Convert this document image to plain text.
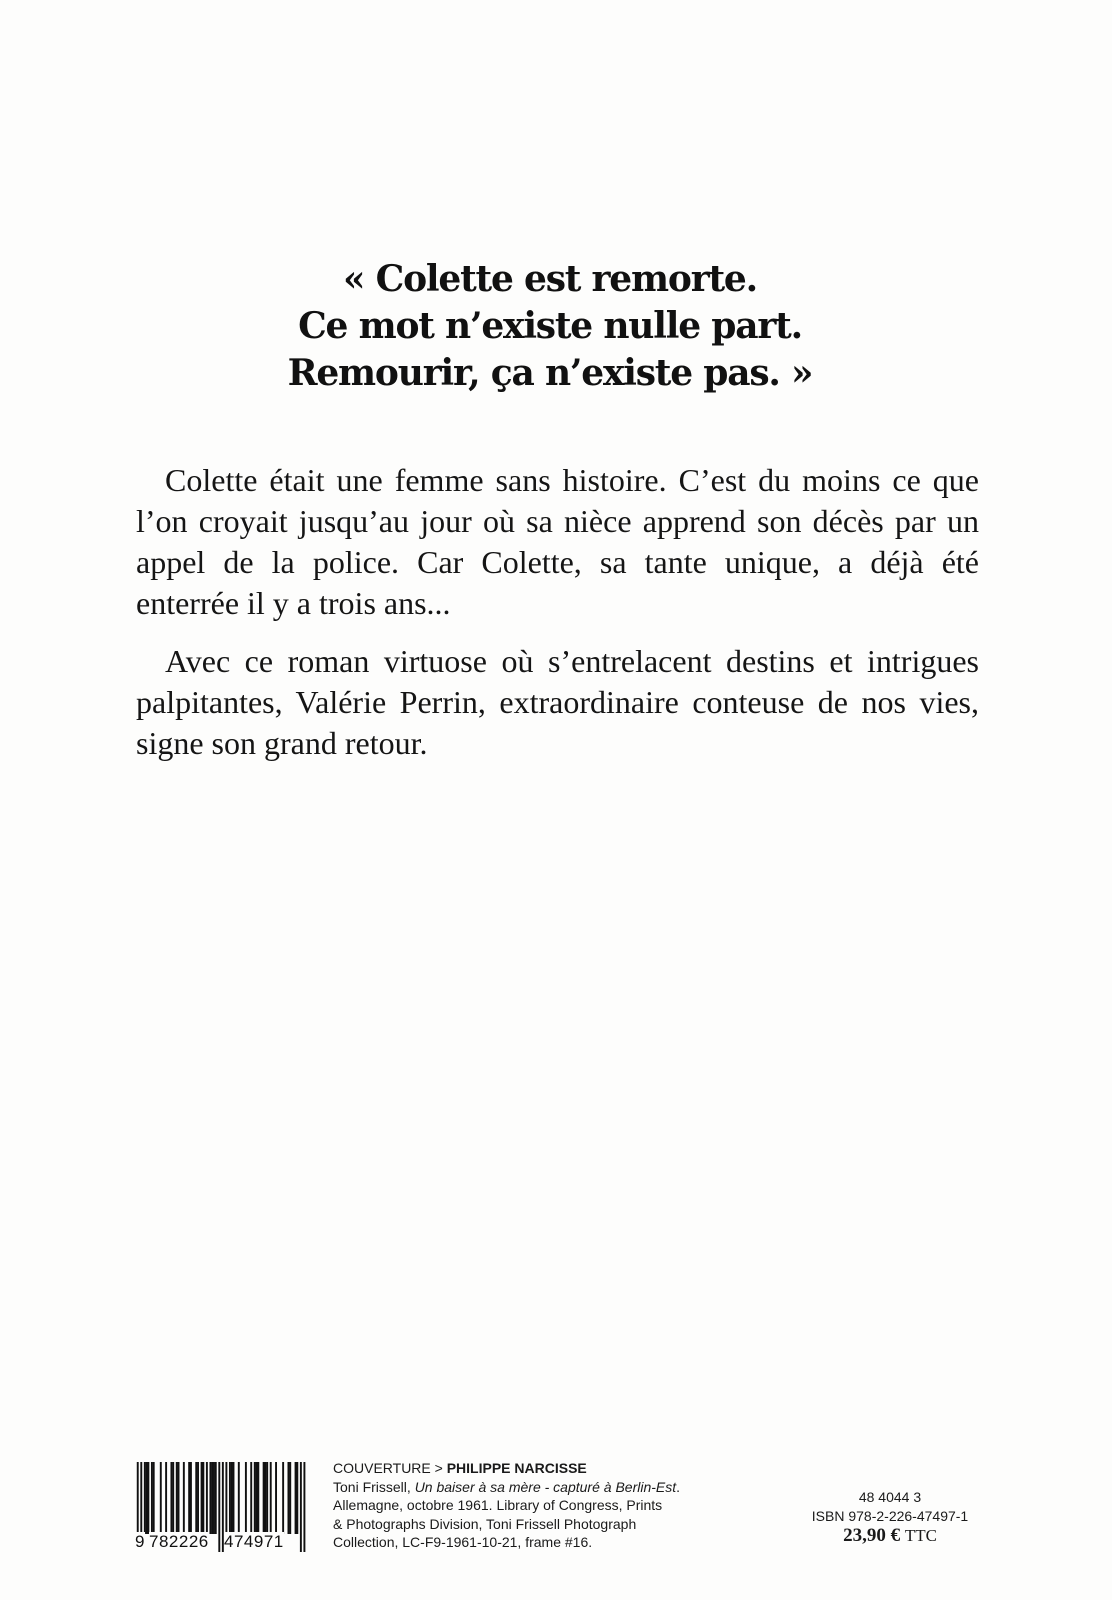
« Colette est remorte.
Ce mot n’existe nulle part.
Remourir, ça n’existe pas. »

Colette était une femme sans histoire. C’est du moins ce que l’on croyait jusqu’au jour où sa nièce apprend son décès par un appel de la police. Car Colette, sa tante unique, a déjà été enterrée il y a trois ans...

Avec ce roman virtuose où s’entrelacent destins et intrigues palpitantes, Valérie Perrin, extraordinaire conteuse de nos vies, signe son grand retour.

9 782226 474971
COUVERTURE > PHILIPPE NARCISSE
Toni Frissell, Un baiser à sa mère - capturé à Berlin-Est.
Allemagne, octobre 1961. Library of Congress, Prints
& Photographs Division, Toni Frissell Photograph
Collection, LC-F9-1961-10-21, frame #16.
48 4044 3
ISBN 978-2-226-47497-1
23,90 € TTC
